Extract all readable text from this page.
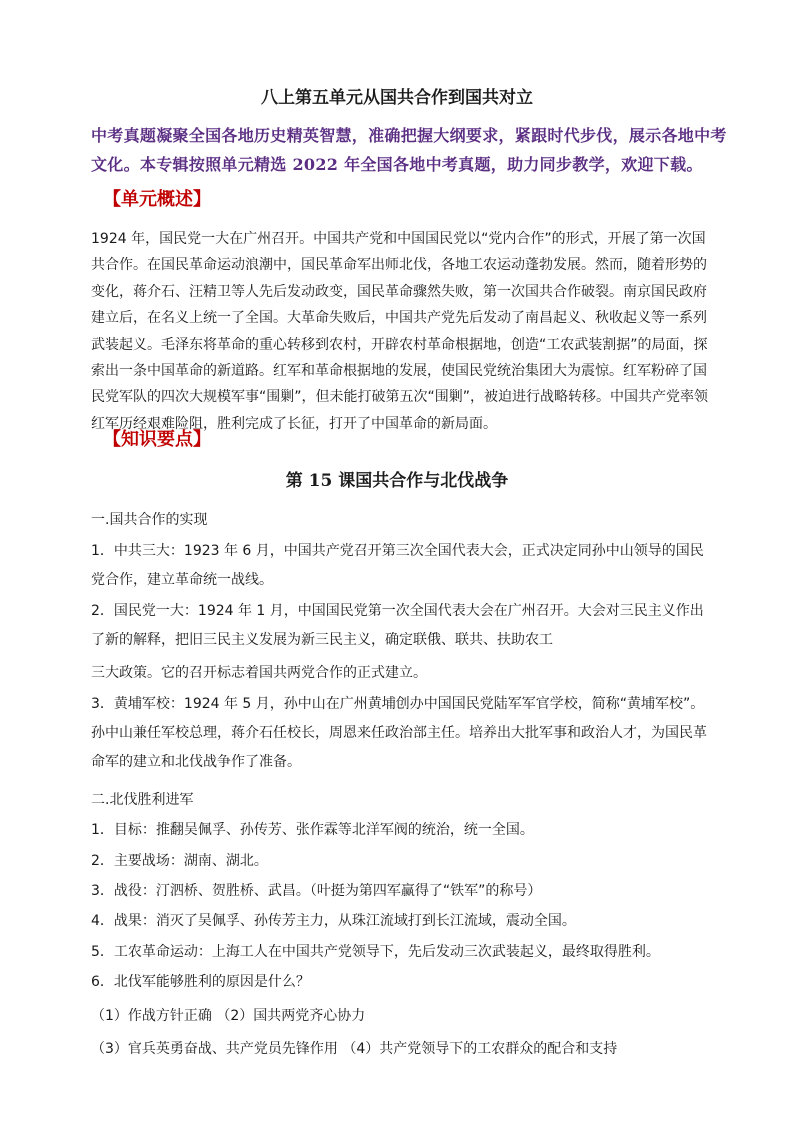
八上第五单元从国共合作到国共对立
中考真题凝聚全国各地历史精英智慧，准确把握大纲要求，紧跟时代步伐，展示各地中考文化。本专辑按照单元精选 2022 年全国各地中考真题，助力同步教学，欢迎下载。
【单元概述】
1924 年，国民党一大在广州召开。中国共产党和中国国民党以“党内合作”的形式，开展了第一次国共合作。在国民革命运动浪潮中，国民革命军出师北伐，各地工农运动蓬勃发展。然而，随着形势的变化，蒋介石、汪精卫等人先后发动政变，国民革命骤然失败，第一次国共合作破裂。南京国民政府建立后，在名义上统一了全国。大革命失败后，中国共产党先后发动了南昌起义、秋收起义等一系列武装起义。毛泽东将革命的重心转移到农村，开辟农村革命根据地，创造“工农武装割据”的局面，探索出一条中国革命的新道路。红军和革命根据地的发展，使国民党统治集团大为震惊。红军粉碎了国民党军队的四次大规模军事“围剿”，但未能打破第五次“围剿”，被迫进行战略转移。中国共产党率领红军历经艰难险阻，胜利完成了长征，打开了中国革命的新局面。
【知识要点】
第 15 课国共合作与北伐战争
一.国共合作的实现
1．中共三大：1923 年 6 月，中国共产党召开第三次全国代表大会，正式决定同孙中山领导的国民党合作，建立革命统一战线。
2．国民党一大：1924 年 1 月，中国国民党第一次全国代表大会在广州召开。大会对三民主义作出了新的解释，把旧三民主义发展为新三民主义，确定联俄、联共、扶助农工
三大政策。它的召开标志着国共两党合作的正式建立。
3．黄埔军校：1924 年 5 月，孙中山在广州黄埔创办中国国民党陆军军官学校，简称“黄埔军校”。孙中山兼任军校总理，蒋介石任校长，周恩来任政治部主任。培养出大批军事和政治人才，为国民革命军的建立和北伐战争作了准备。
二.北伐胜利进军
1．目标：推翻吴佩孚、孙传芳、张作霖等北洋军阀的统治，统一全国。
2．主要战场：湖南、湖北。
3．战役：汀泗桥、贺胜桥、武昌。（叶挺为第四军赢得了“铁军”的称号）
4．战果：消灭了吴佩孚、孙传芳主力，从珠江流域打到长江流域，震动全国。
5．工农革命运动：上海工人在中国共产党领导下，先后发动三次武装起义，最终取得胜利。
6．北伐军能够胜利的原因是什么？
（1）作战方针正确 （2）国共两党齐心协力
（3）官兵英勇奋战、共产党员先锋作用 （4）共产党领导下的工农群众的配合和支持
